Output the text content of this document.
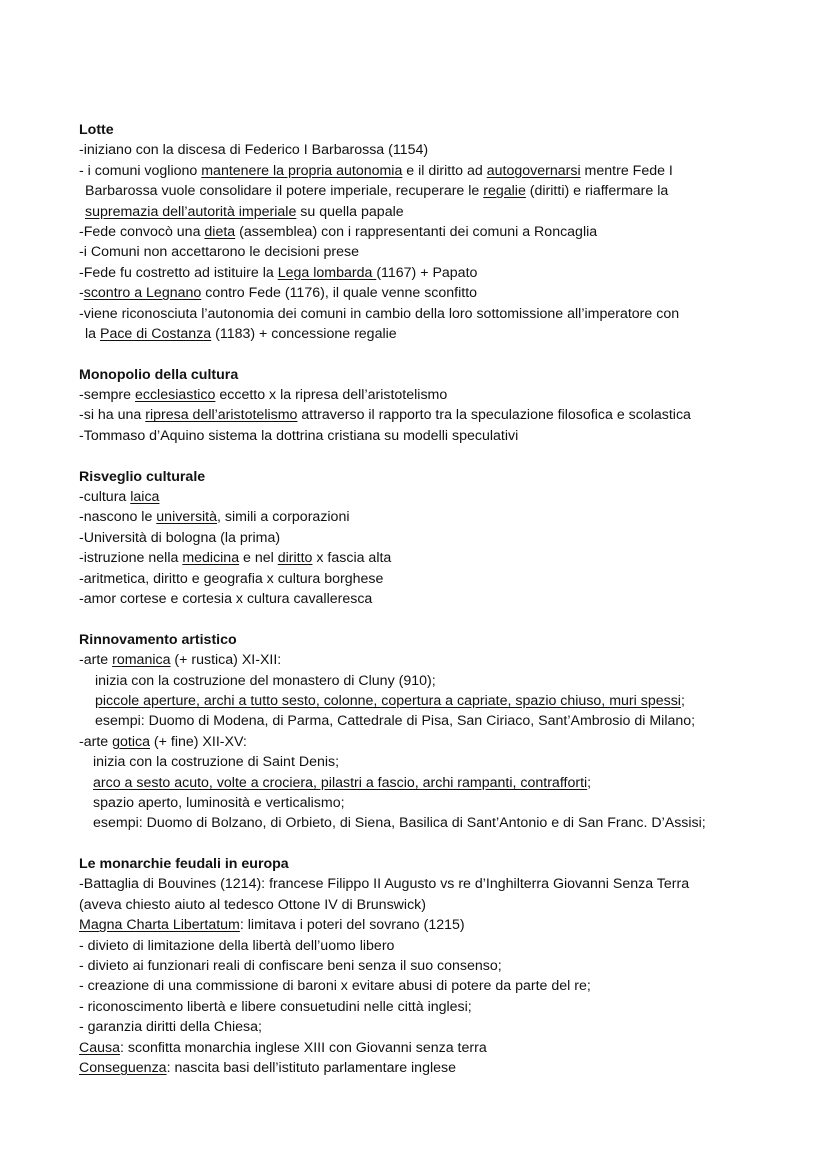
Lotte
-iniziano con la discesa di Federico I Barbarossa (1154)
- i comuni vogliono mantenere la propria autonomia e il diritto ad autogovernarsi mentre Fede I
Barbarossa vuole consolidare il potere imperiale, recuperare le regalie (diritti) e riaffermare la
supremazia dell’autorità imperiale su quella papale
-Fede convocò una dieta (assemblea) con i rappresentanti dei comuni a Roncaglia
-i Comuni non accettarono le decisioni prese
-Fede fu costretto ad istituire la Lega lombarda (1167) + Papato
-scontro a Legnano contro Fede (1176), il quale venne sconfitto
-viene riconosciuta l’autonomia dei comuni in cambio della loro sottomissione all’imperatore con
la Pace di Costanza (1183) + concessione regalie
Monopolio della cultura
-sempre ecclesiastico eccetto x la ripresa dell’aristotelismo
-si ha una ripresa dell’aristotelismo attraverso il rapporto tra la speculazione filosofica e scolastica
-Tommaso d’Aquino sistema la dottrina cristiana su modelli speculativi
Risveglio culturale
-cultura laica
-nascono le università, simili a corporazioni
-Università di bologna (la prima)
-istruzione nella medicina e nel diritto x fascia alta
-aritmetica, diritto e geografia x cultura borghese
-amor cortese e cortesia x cultura cavalleresca
Rinnovamento artistico
-arte romanica (+ rustica) XI-XII:
inizia con la costruzione del monastero di Cluny (910);
piccole aperture, archi a tutto sesto, colonne, copertura a capriate, spazio chiuso, muri spessi;
esempi: Duomo di Modena, di Parma, Cattedrale di Pisa, San Ciriaco, Sant’Ambrosio di Milano;
-arte gotica (+ fine) XII-XV:
inizia con la costruzione di Saint Denis;
arco a sesto acuto, volte a crociera, pilastri a fascio, archi rampanti, contrafforti;
spazio aperto, luminosità e verticalismo;
esempi: Duomo di Bolzano, di Orbieto, di Siena, Basilica di Sant’Antonio e di San Franc. D’Assisi;
Le monarchie feudali in europa
-Battaglia di Bouvines (1214): francese Filippo II Augusto vs re d’Inghilterra Giovanni Senza Terra
(aveva chiesto aiuto al tedesco Ottone IV di Brunswick)
Magna Charta Libertatum: limitava i poteri del sovrano (1215)
- divieto di limitazione della libertà dell’uomo libero
- divieto ai funzionari reali di confiscare beni senza il suo consenso;
- creazione di una commissione di baroni x evitare abusi di potere da parte del re;
- riconoscimento libertà e libere consuetudini nelle città inglesi;
- garanzia diritti della Chiesa;
Causa: sconfitta monarchia inglese XIII con Giovanni senza terra
Conseguenza: nascita basi dell’istituto parlamentare inglese
